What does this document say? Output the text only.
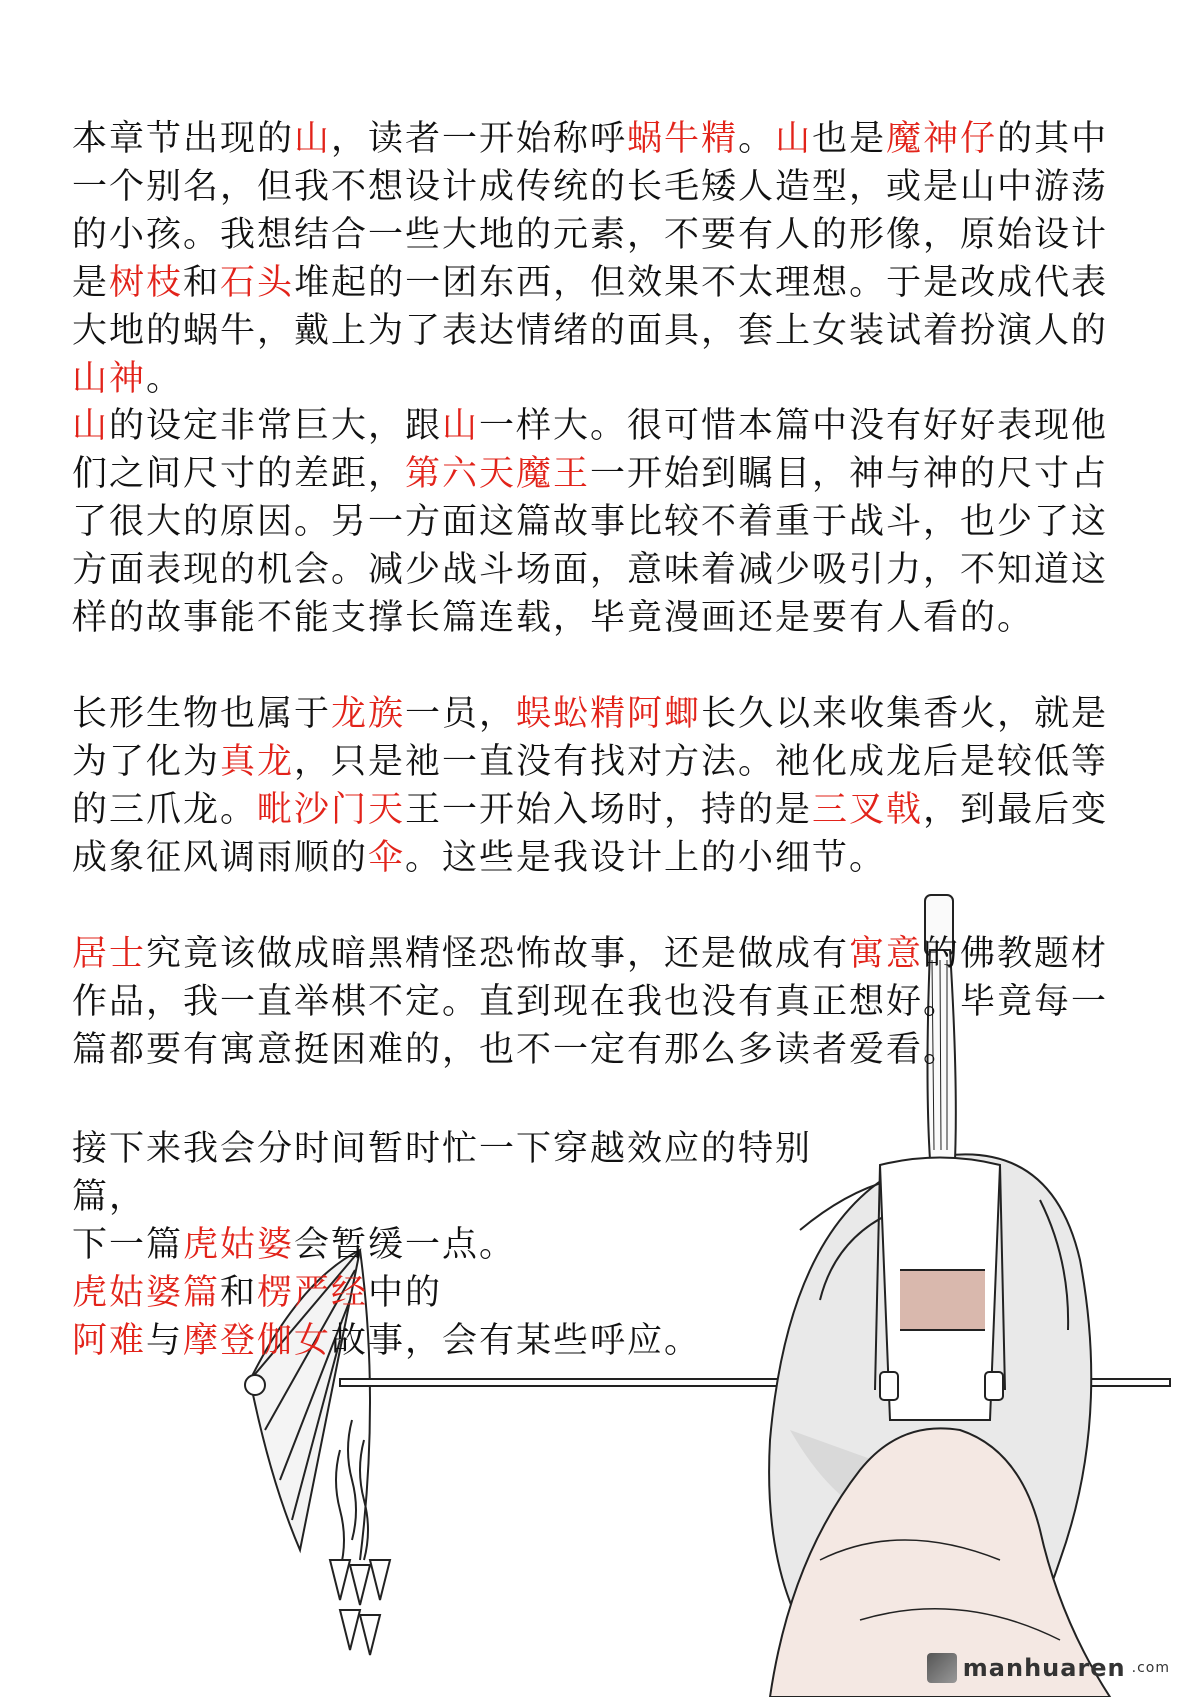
本章节出现的山，读者一开始称呼蜗牛精。山也是魔神仔的其中一个别名，但我不想设计成传统的长毛矮人造型，或是山中游荡的小孩。我想结合一些大地的元素，不要有人的形像，原始设计是树枝和石头堆起的一团东西，但效果不太理想。于是改成代表大地的蜗牛，戴上为了表达情绪的面具，套上女装试着扮演人的山神。
山的设定非常巨大，跟山一样大。很可惜本篇中没有好好表现他们之间尺寸的差距，第六天魔王一开始到瞩目，神与神的尺寸占了很大的原因。另一方面这篇故事比较不着重于战斗，也少了这方面表现的机会。减少战斗场面，意味着减少吸引力，不知道这样的故事能不能支撑长篇连载，毕竟漫画还是要有人看的。
长形生物也属于龙族一员，蜈蚣精阿蝍长久以来收集香火，就是为了化为真龙，只是祂一直没有找对方法。祂化成龙后是较低等的三爪龙。毗沙门天王一开始入场时，持的是三叉戟，到最后变成象征风调雨顺的伞。这些是我设计上的小细节。
居士究竟该做成暗黑精怪恐怖故事，还是做成有寓意的佛教题材作品，我一直举棋不定。直到现在我也没有真正想好。毕竟每一篇都要有寓意挺困难的，也不一定有那么多读者爱看。
接下来我会分时间暂时忙一下穿越效应的特别篇，
下一篇虎姑婆会暂缓一点。
虎姑婆篇和楞严经中的
阿难与摩登伽女故事，会有某些呼应。
manhuaren .com
